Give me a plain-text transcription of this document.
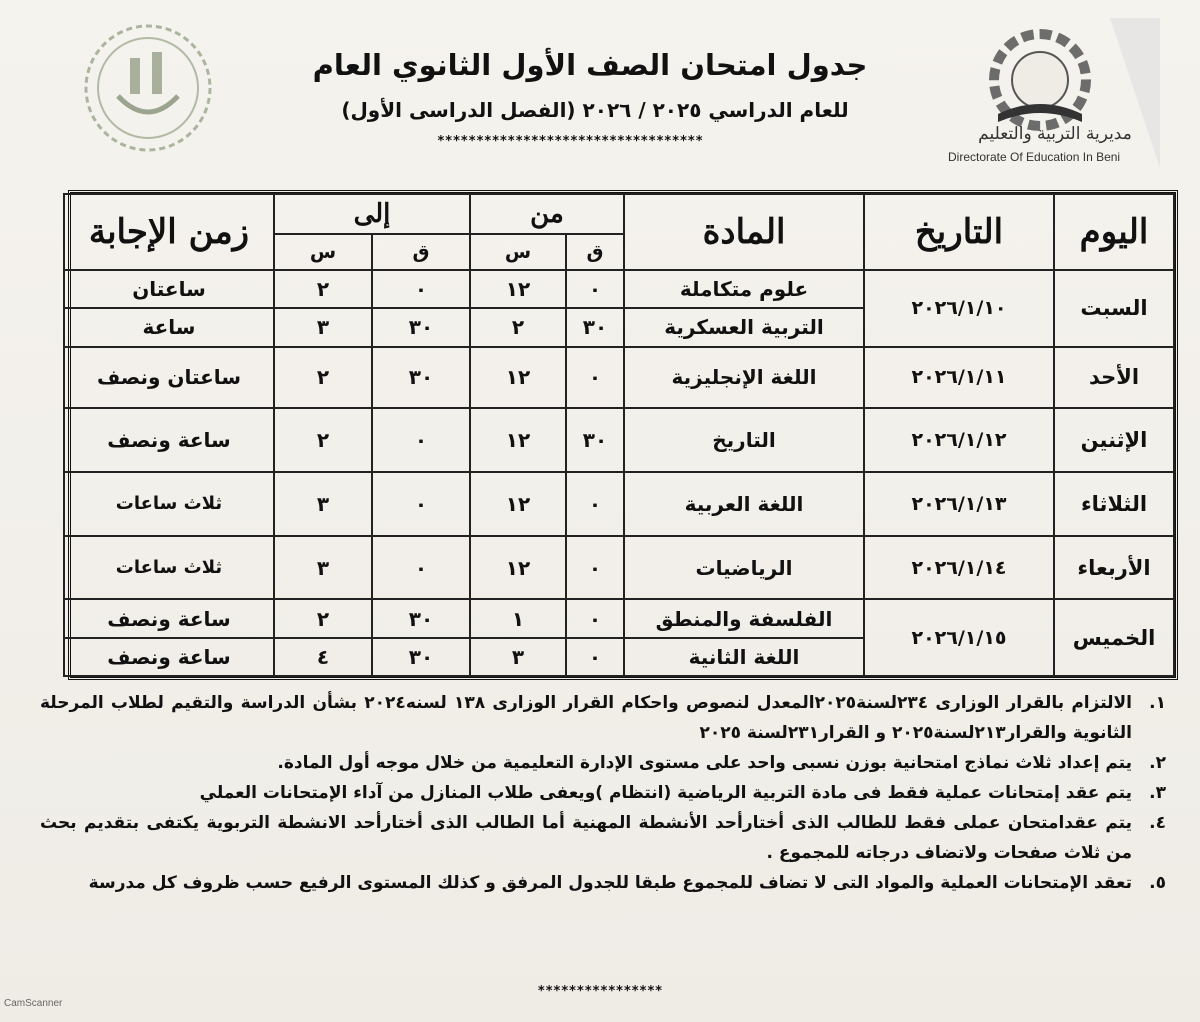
مديرية التربية والتعليم
Directorate Of Education In Beni
جدول امتحان الصف الأول الثانوي العام
للعام الدراسي ٢٠٢٥ / ٢٠٢٦ (الفصل الدراسى الأول)
**********************************
اليوم	التاريخ	المادة	من		إلى		زمن الإجابة
			ق	س	ق	س	
السبت	٢٠٢٦/١/١٠	علوم متكاملة	٠	١٢	٠	٢	ساعتان
		التربية العسكرية	٣٠	٢	٣٠	٣	ساعة
الأحد	٢٠٢٦/١/١١	اللغة الإنجليزية	٠	١٢	٣٠	٢	ساعتان ونصف
الإثنين	٢٠٢٦/١/١٢	التاريخ	٣٠	١٢	٠	٢	ساعة ونصف
الثلاثاء	٢٠٢٦/١/١٣	اللغة العربية	٠	١٢	٠	٣	ثلاث ساعات
الأربعاء	٢٠٢٦/١/١٤	الرياضيات	٠	١٢	٠	٣	ثلاث ساعات
الخميس	٢٠٢٦/١/١٥	الفلسفة والمنطق	٠	١	٣٠	٢	ساعة ونصف
		اللغة الثانية	٠	٣	٣٠	٤	ساعة ونصف
١.
الالتزام بالقرار الوزارى ٢٣٤لسنة٢٠٢٥المعدل لنصوص واحكام القرار الوزارى ١٣٨ لسنه٢٠٢٤ بشأن الدراسة والتقيم لطلاب المرحلة الثانوية والقرار٢١٣لسنة٢٠٢٥ و القرار٢٣١لسنة ٢٠٢٥
٢.
يتم إعداد ثلاث نماذج امتحانية بوزن نسبى واحد على مستوى الإدارة التعليمية من خلال موجه أول المادة.
٣.
يتم عقد إمتحانات عملية فقط فى مادة التربية الرياضية (انتظام )ويعفى طلاب المنازل من آداء الإمتحانات العملي
٤.
يتم عقدامتحان عملى فقط للطالب الذى أختارأحد الأنشطة المهنية أما الطالب الذى أختارأحد الانشطة التربوية يكتفى بتقديم بحث من ثلاث صفحات ولاتضاف درجاته للمجموع .
٥.
تعقد الإمتحانات العملية والمواد التى لا تضاف للمجموع طبقا للجدول المرفق و كذلك المستوى الرفيع حسب ظروف كل مدرسة
****************
CamScanner
